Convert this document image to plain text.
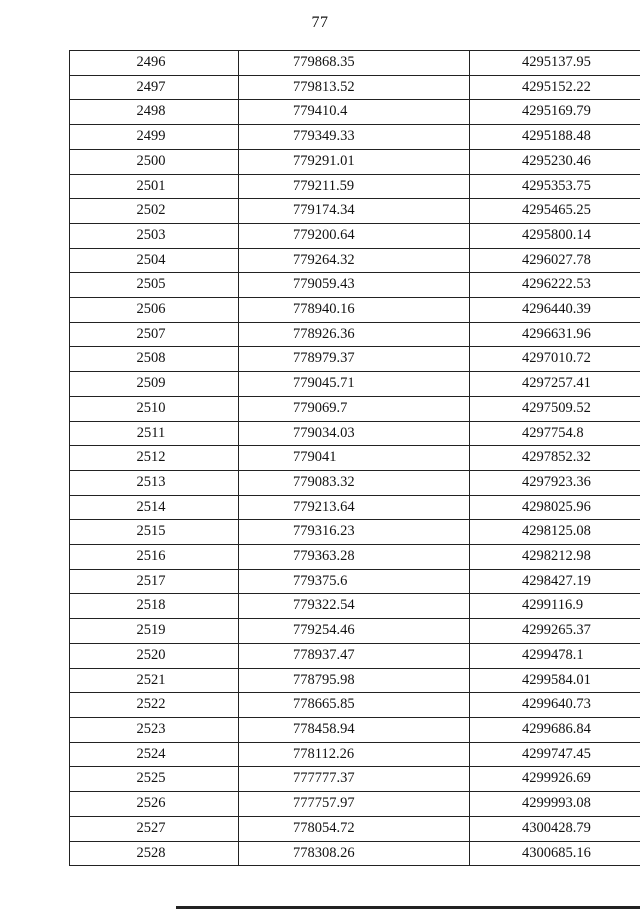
77
2496	779868.35	4295137.95
2497	779813.52	4295152.22
2498	779410.4	4295169.79
2499	779349.33	4295188.48
2500	779291.01	4295230.46
2501	779211.59	4295353.75
2502	779174.34	4295465.25
2503	779200.64	4295800.14
2504	779264.32	4296027.78
2505	779059.43	4296222.53
2506	778940.16	4296440.39
2507	778926.36	4296631.96
2508	778979.37	4297010.72
2509	779045.71	4297257.41
2510	779069.7	4297509.52
2511	779034.03	4297754.8
2512	779041	4297852.32
2513	779083.32	4297923.36
2514	779213.64	4298025.96
2515	779316.23	4298125.08
2516	779363.28	4298212.98
2517	779375.6	4298427.19
2518	779322.54	4299116.9
2519	779254.46	4299265.37
2520	778937.47	4299478.1
2521	778795.98	4299584.01
2522	778665.85	4299640.73
2523	778458.94	4299686.84
2524	778112.26	4299747.45
2525	777777.37	4299926.69
2526	777757.97	4299993.08
2527	778054.72	4300428.79
2528	778308.26	4300685.16
